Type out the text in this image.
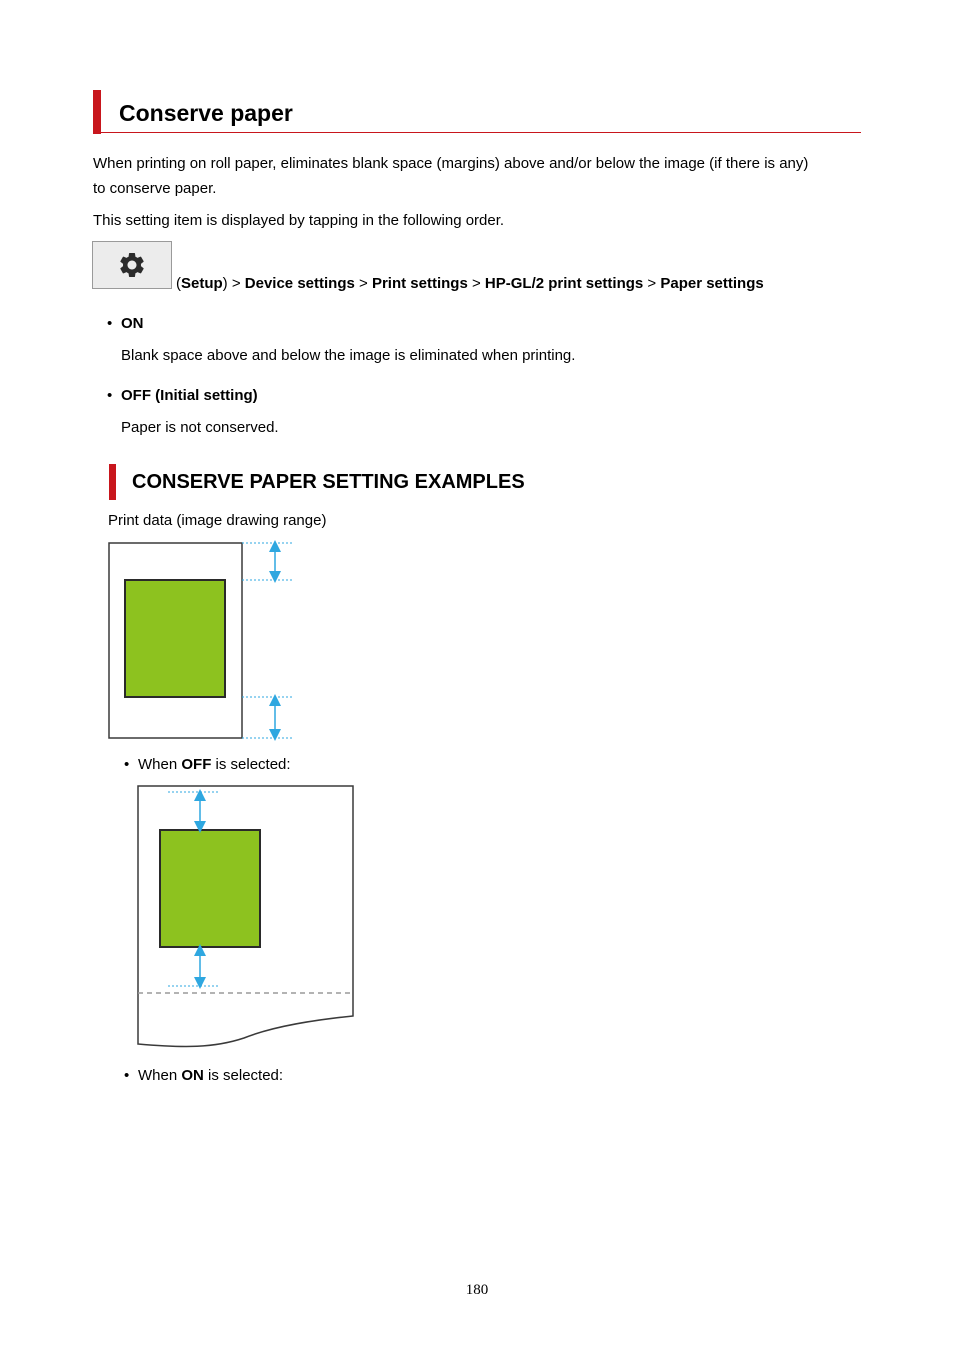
Conserve paper
When printing on roll paper, eliminates blank space (margins) above and/or below the image (if there is any)
to conserve paper.
This setting item is displayed by tapping in the following order.
(Setup) > Device settings > Print settings > HP-GL/2 print settings > Paper settings
• ON
Blank space above and below the image is eliminated when printing.
• OFF (Initial setting)
Paper is not conserved.
CONSERVE PAPER SETTING EXAMPLES
Print data (image drawing range)
• When OFF is selected:
• When ON is selected:
180
